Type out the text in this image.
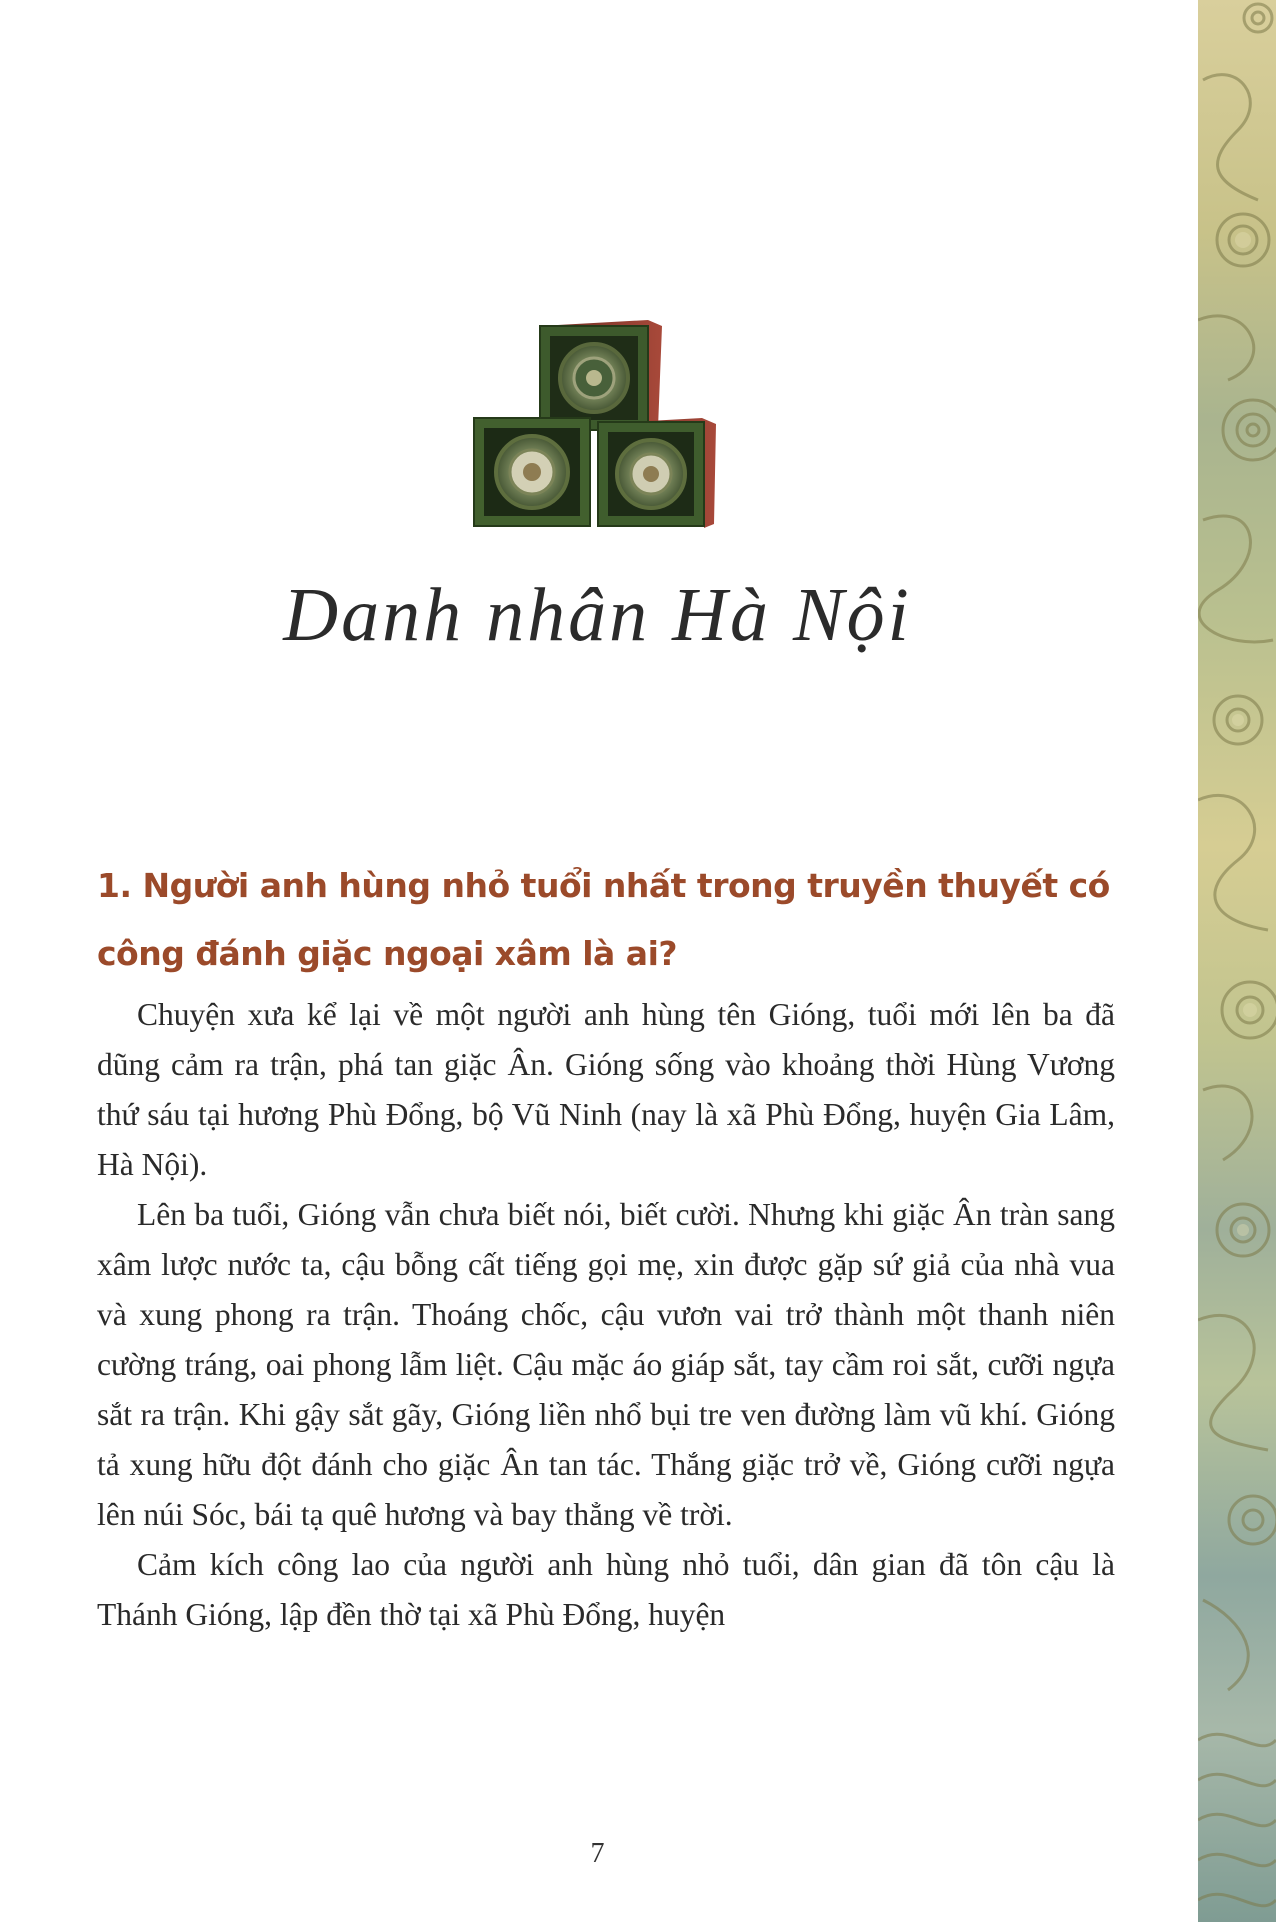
Danh nhân Hà Nội
1. Người anh hùng nhỏ tuổi nhất trong truyền thuyết có công đánh giặc ngoại xâm là ai?

Chuyện xưa kể lại về một người anh hùng tên Gióng, tuổi mới lên ba đã dũng cảm ra trận, phá tan giặc Ân. Gióng sống vào khoảng thời Hùng Vương thứ sáu tại hương Phù Đổng, bộ Vũ Ninh (nay là xã Phù Đổng, huyện Gia Lâm, Hà Nội).

Lên ba tuổi, Gióng vẫn chưa biết nói, biết cười. Nhưng khi giặc Ân tràn sang xâm lược nước ta, cậu bỗng cất tiếng gọi mẹ, xin được gặp sứ giả của nhà vua và xung phong ra trận. Thoáng chốc, cậu vươn vai trở thành một thanh niên cường tráng, oai phong lẫm liệt. Cậu mặc áo giáp sắt, tay cầm roi sắt, cưỡi ngựa sắt ra trận. Khi gậy sắt gãy, Gióng liền nhổ bụi tre ven đường làm vũ khí. Gióng tả xung hữu đột đánh cho giặc Ân tan tác. Thắng giặc trở về, Gióng cưỡi ngựa lên núi Sóc, bái tạ quê hương và bay thẳng về trời.

Cảm kích công lao của người anh hùng nhỏ tuổi, dân gian đã tôn cậu là Thánh Gióng, lập đền thờ tại xã Phù Đổng, huyện

7
